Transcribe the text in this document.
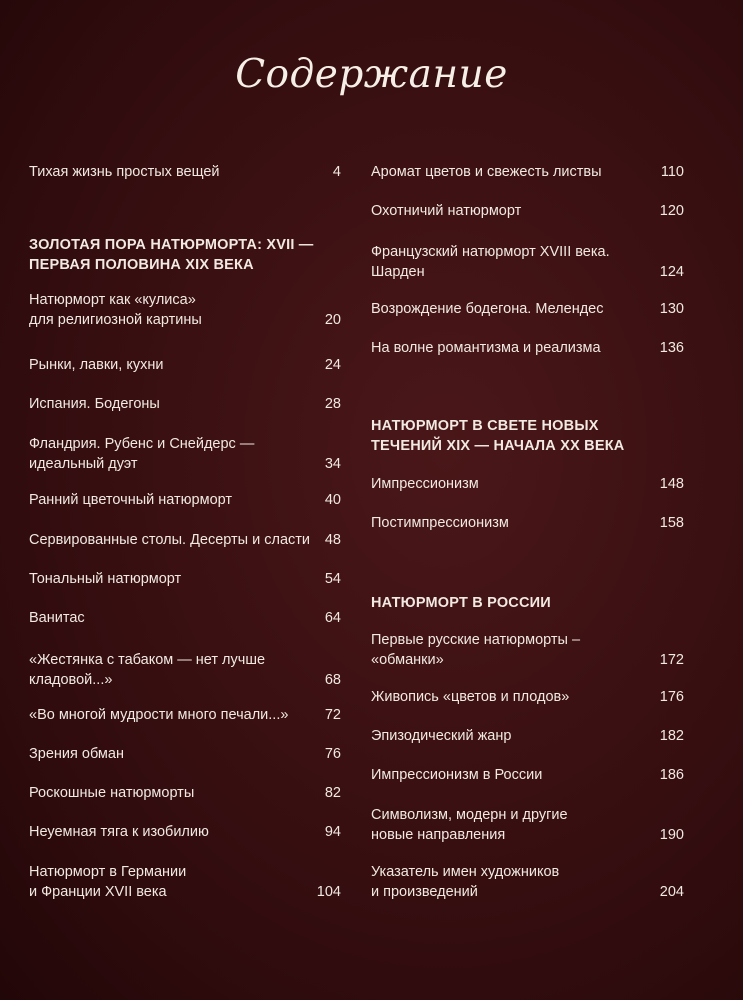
Содержание
Тихая жизнь простых вещей	4
ЗОЛОТАЯ ПОРА НАТЮРМОРТА: XVII —
ПЕРВАЯ ПОЛОВИНА XIX ВЕКА
Натюрморт как «кулиса»
для религиозной картины	20
Рынки, лавки, кухни	24
Испания. Бодегоны	28
Фландрия. Рубенс и Снейдерс —
идеальный дуэт	34
Ранний цветочный натюрморт	40
Сервированные столы. Десерты и сласти 48
Тональный натюрморт	54
Ванитас	64
«Жестянка с табаком — нет лучше
кладовой...»	68
«Во многой мудрости много печали...»	72
Зрения обман	76
Роскошные натюрморты	82
Неуемная тяга к изобилию	94
Натюрморт в Германии
и Франции XVII века	104
Аромат цветов и свежесть листвы	110
Охотничий натюрморт	120
Французский натюрморт XVIII века.
Шарден	124
Возрождение бодегона. Мелендес	130
На волне романтизма и реализма	136
НАТЮРМОРТ В СВЕТЕ НОВЫХ
ТЕЧЕНИЙ XIX — НАЧАЛА XX ВЕКА
Импрессионизм	148
Постимпрессионизм	158
НАТЮРМОРТ В РОССИИ
Первые русские натюрморты –
«обманки»	172
Живопись «цветов и плодов»	176
Эпизодический жанр	182
Импрессионизм в России	186
Символизм, модерн и другие
новые направления	190
Указатель имен художников
и произведений	204
